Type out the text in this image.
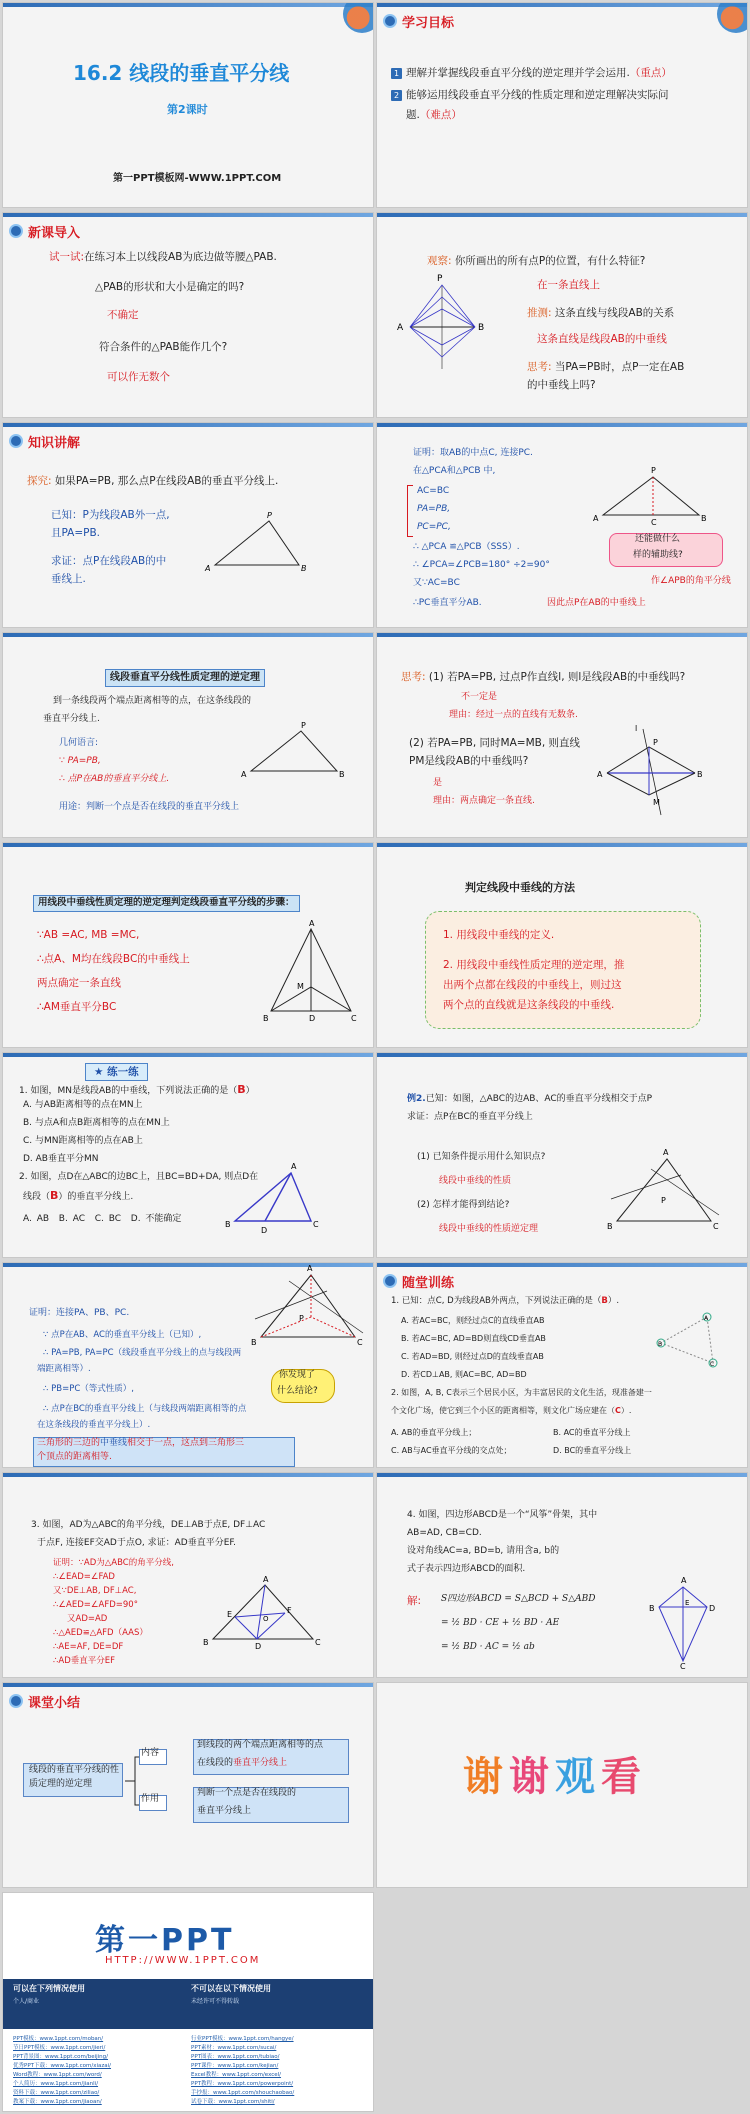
16.2 线段的垂直平分线
第2课时
第一PPT模板网-WWW.1PPT.COM
学习目标
1 理解并掌握线段垂直平分线的逆定理并学会运用.（重点）
2 能够运用线段垂直平分线的性质定理和逆定理解决实际问
题.（难点）
新课导入
试一试:在练习本上以线段AB为底边做等腰△PAB.
△PAB的形状和大小是确定的吗?
不确定
符合条件的△PAB能作几个?
可以作无数个
P
A	B
观察: 你所画出的所有点P的位置，有什么特征?
在一条直线上
推测: 这条直线与线段AB的关系
这条直线是线段AB的中垂线
思考: 当PA=PB时，点P一定在AB
的中垂线上吗?
知识讲解
探究: 如果PA=PB, 那么点P在线段AB的垂直平分线上.
已知：P为线段AB外一点,
且PA=PB.
求证：点P在线段AB的中
垂线上.
P
A	B
证明：取AB的中点C, 连接PC.
在△PCA和△PCB 中,
AC=BC
PA=PB,
PC=PC,
∴ △PCA ≌△PCB（SSS）.
∴ ∠PCA=∠PCB=180° ÷2=90°
又∵AC=BC
∴PC垂直平分AB.	因此点P在AB的中垂线上
P
A	B
C
还能做什么
样的辅助线?
作∠APB的角平分线
线段垂直平分线性质定理的逆定理
到一条线段两个端点距离相等的点，在这条线段的
垂直平分线上.
几何语言:
∵ PA=PB,
∴ 点P在AB的垂直平分线上.
用途：判断一个点是否在线段的垂直平分线上
P
A	B
思考: (1) 若PA=PB, 过点P作直线l, 则l是线段AB的中垂线吗?
不一定是
理由：经过一点的直线有无数条.
(2) 若PA=PB, 同时MA=MB, 则直线
PM是线段AB的中垂线吗?
是
理由：两点确定一条直线.
l
P
A	B
M
用线段中垂线性质定理的逆定理判定线段垂直平分线的步骤：
∵AB =AC, MB =MC,
∴点A、M均在线段BC的中垂线上
两点确定一条直线
∴AM垂直平分BC
A
B	C
D
M
判定线段中垂线的方法
1. 用线段中垂线的定义.
2. 用线段中垂线性质定理的逆定理，推
出两个点都在线段的中垂线上，则过这
两个点的直线就是这条线段的中垂线.
★ 练一练
1. 如图，MN是线段AB的中垂线，下列说法正确的是（B）
A. 与AB距离相等的点在MN上
B. 与点A和点B距离相等的点在MN上
C. 与MN距离相等的点在AB上
D. AB垂直平分MN
2. 如图，点D在△ABC的边BC上，且BC=BD+DA, 则点D在
线段（B）的垂直平分线上.
A. AB B. AC C. BC D. 不能确定
A
B	C
D
例2.已知：如图，△ABC的边AB、AC的垂直平分线相交于点P
求证：点P在BC的垂直平分线上
(1) 已知条件提示用什么知识点?
线段中垂线的性质
(2) 怎样才能得到结论?
线段中垂线的性质逆定理
A
B	C
P
A
B	C
P
证明：连接PA、PB、PC.
∵ 点P在AB、AC的垂直平分线上（已知）,
∴ PA=PB, PA=PC（线段垂直平分线上的点与线段两
端距离相等）.
∴ PB=PC（等式性质）,
∴ 点P在BC的垂直平分线上（与线段两端距离相等的点
在这条线段的垂直平分线上）.
你发现了
什么结论?
三角形的三边的中垂线相交于一点，这点到三角形三
个顶点的距离相等.
随堂训练
1. 已知：点C, D为线段AB外两点，下列说法正确的是（B）.
A. 若AC=BC，则经过点C的直线垂直AB
B. 若AC=BC, AD=BD则直线CD垂直AB
C. 若AD=BD, 则经过点D的直线垂直AB
D. 若CD⊥AB, 则AC=BC, AD=BD
A
B
C
2. 如图，A, B, C表示三个居民小区，为丰富居民的文化生活，现准备建一
个文化广场，使它到三个小区的距离相等，则文化广场应建在（C）.
A. AB的垂直平分线上；	B. AC的垂直平分线上
C. AB与AC垂直平分线的交点处；	D. BC的垂直平分线上
3. 如图，AD为△ABC的角平分线，DE⊥AB于点E, DF⊥AC
于点F, 连接EF交AD于点O, 求证：AD垂直平分EF.
证明：∵AD为△ABC的角平分线,
∴∠EAD=∠FAD
又∵DE⊥AB, DF⊥AC,
∴∠AED=∠AFD=90°
又AD=AD
∴△AED≌△AFD（AAS）
∴AE=AF, DE=DF
∴AD垂直平分EF
A
B	C
D
E	F
O
4. 如图，四边形ABCD是一个“风筝”骨架，其中
AB=AD, CB=CD.
设对角线AC=a, BD=b, 请用含a, b的
式子表示四边形ABCD的面积.
解: S四边形ABCD = S△BCD + S△ABD
= ½ BD · CE + ½ BD · AE
= ½ BD · AC = ½ ab
A
B
C
D
E
课堂小结
线段的垂直平分线的性质定理的逆定理
内容
到线段的两个端点距离相等的点
在线段的垂直平分线上
作用
判断一个点是否在线段的
垂直平分线上
谢谢观看
第一PPT
HTTP://WWW.1PPT.COM
可以在下列情况使用
个人/商业
不可以在以下情况使用
未经许可不得转载
PPT模板：www.1ppt.com/moban/
节日PPT模板：www.1ppt.com/jieri/
PPT背景图：www.1ppt.com/beijing/
优秀PPT下载：www.1ppt.com/xiazai/
Word教程：www.1ppt.com/word/
个人简历：www.1ppt.com/jianli/
资料下载：www.1ppt.com/ziliao/
教案下载：www.1ppt.com/jiaoan/
行业PPT模板：www.1ppt.com/hangye/
PPT素材：www.1ppt.com/sucai/
PPT图表：www.1ppt.com/tubiao/
PPT课件：www.1ppt.com/kejian/
Excel教程：www.1ppt.com/excel/
PPT教程：www.1ppt.com/powerpoint/
手抄报：www.1ppt.com/shouchaobao/
试卷下载：www.1ppt.com/shiti/
